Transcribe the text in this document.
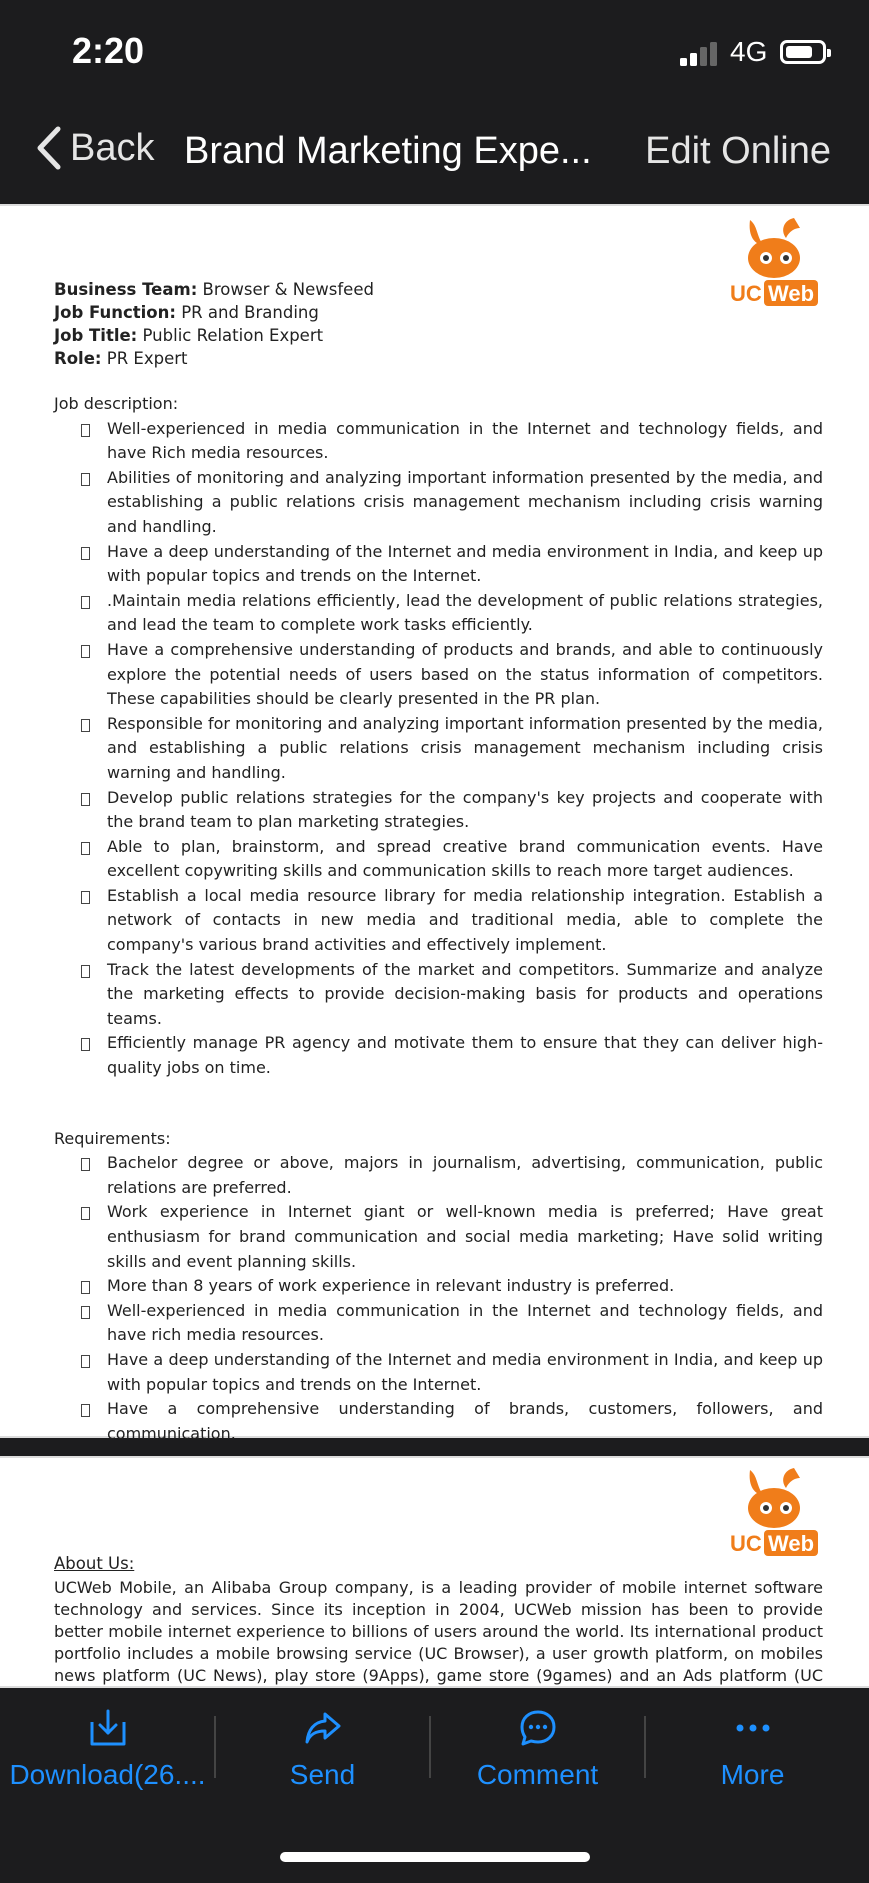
2:20	4G
Back Brand Marketing Expe... Edit Online
UC Web
Business Team: Browser & Newsfeed
Job Function: PR and Branding
Job Title: Public Relation Expert
Role: PR Expert
Job description:
Well-experienced in media communication in the Internet and technology fields, and have Rich media resources.
Abilities of monitoring and analyzing important information presented by the media, and establishing a public relations crisis management mechanism including crisis warning and handling.
Have a deep understanding of the Internet and media environment in India, and keep up with popular topics and trends on the Internet.
.Maintain media relations efficiently, lead the development of public relations strategies, and lead the team to complete work tasks efficiently.
Have a comprehensive understanding of products and brands, and able to continuously explore the potential needs of users based on the status information of competitors. These capabilities should be clearly presented in the PR plan.
Responsible for monitoring and analyzing important information presented by the media, and establishing a public relations crisis management mechanism including crisis warning and handling.
Develop public relations strategies for the company's key projects and cooperate with the brand team to plan marketing strategies.
Able to plan, brainstorm, and spread creative brand communication events. Have excellent copywriting skills and communication skills to reach more target audiences.
Establish a local media resource library for media relationship integration. Establish a network of contacts in new media and traditional media, able to complete the company's various brand activities and effectively implement.
Track the latest developments of the market and competitors. Summarize and analyze the marketing effects to provide decision-making basis for products and operations teams.
Efficiently manage PR agency and motivate them to ensure that they can deliver high-quality jobs on time.
Requirements:
Bachelor degree or above, majors in journalism, advertising, communication, public relations are preferred.
Work experience in Internet giant or well-known media is preferred; Have great enthusiasm for brand communication and social media marketing; Have solid writing skills and event planning skills.
More than 8 years of work experience in relevant industry is preferred.
Well-experienced in media communication in the Internet and technology fields, and have rich media resources.
Have a deep understanding of the Internet and media environment in India, and keep up with popular topics and trends on the Internet.
Have a comprehensive understanding of brands, customers, followers, and communication.
UC Web
About Us:
UCWeb Mobile, an Alibaba Group company, is a leading provider of mobile internet software technology and services. Since its inception in 2004, UCWeb mission has been to provide better mobile internet experience to billions of users around the world. Its international product portfolio includes a mobile browsing service (UC Browser), a user growth platform, on mobiles news platform (UC News), play store (9Apps), game store (9games) and an Ads platform (UC
Download(26....	Send	Comment	More
